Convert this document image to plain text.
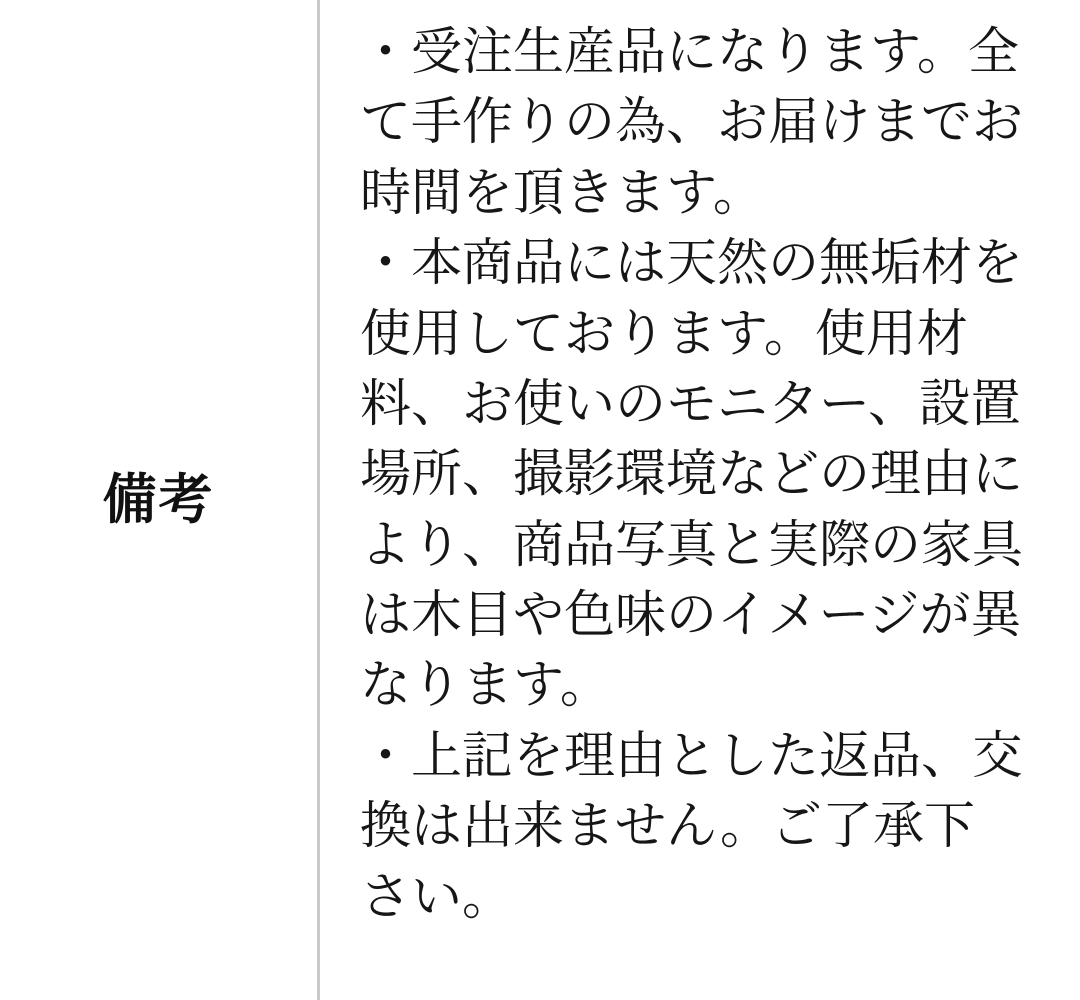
備考

・受注生産品になります。全て手作りの為、お届けまでお時間を頂きます。

・本商品には天然の無垢材を使用しております。使用材料、お使いのモニター、設置場所、撮影環境などの理由により、商品写真と実際の家具は木目や色味のイメージが異なります。

・上記を理由とした返品、交換は出来ません。ご了承下さい。
